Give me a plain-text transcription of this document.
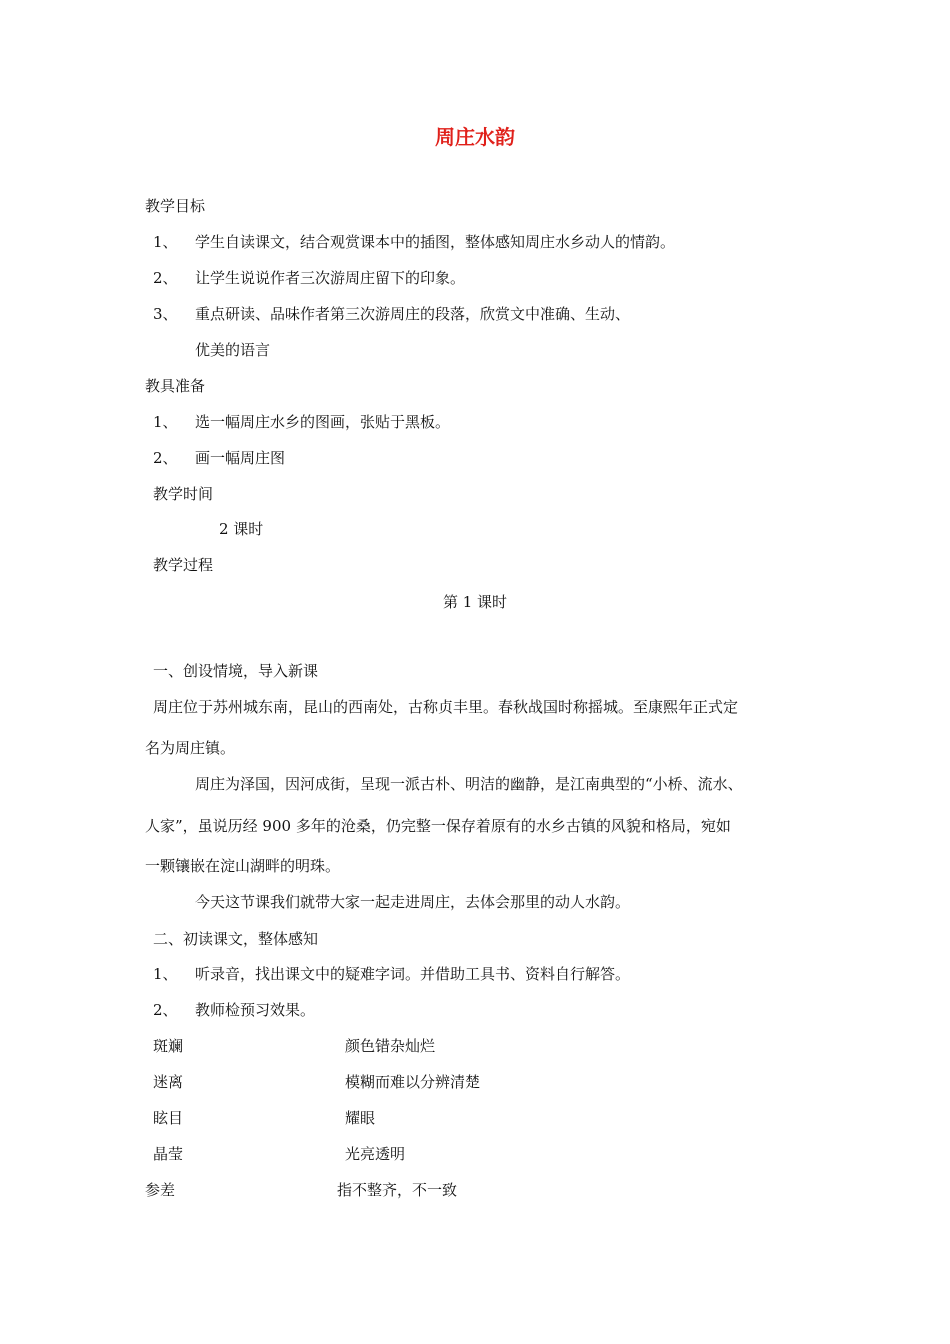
周庄水韵
教学目标
1、 学生自读课文，结合观赏课本中的插图，整体感知周庄水乡动人的情韵。
2、 让学生说说作者三次游周庄留下的印象。
3、 重点研读、品味作者第三次游周庄的段落，欣赏文中准确、生动、
优美的语言
教具准备
1、 选一幅周庄水乡的图画，张贴于黑板。
2、 画一幅周庄图
教学时间
2 课时
教学过程
第 1 课时
一、创设情境，导入新课
周庄位于苏州城东南，昆山的西南处，古称贞丰里。春秋战国时称摇城。至康熙年正式定
名为周庄镇。
周庄为泽国，因河成街，呈现一派古朴、明洁的幽静，是江南典型的“小桥、流水、
人家”，虽说历经 900 多年的沧桑，仍完整一保存着原有的水乡古镇的风貌和格局，宛如
一颗镶嵌在淀山湖畔的明珠。
今天这节课我们就带大家一起走进周庄，去体会那里的动人水韵。
二、初读课文，整体感知
1、 听录音，找出课文中的疑难字词。并借助工具书、资料自行解答。
2、 教师检预习效果。
斑斓	颜色错杂灿烂
迷离	模糊而难以分辨清楚
眩目	耀眼
晶莹	光亮透明
参差	指不整齐，不一致
